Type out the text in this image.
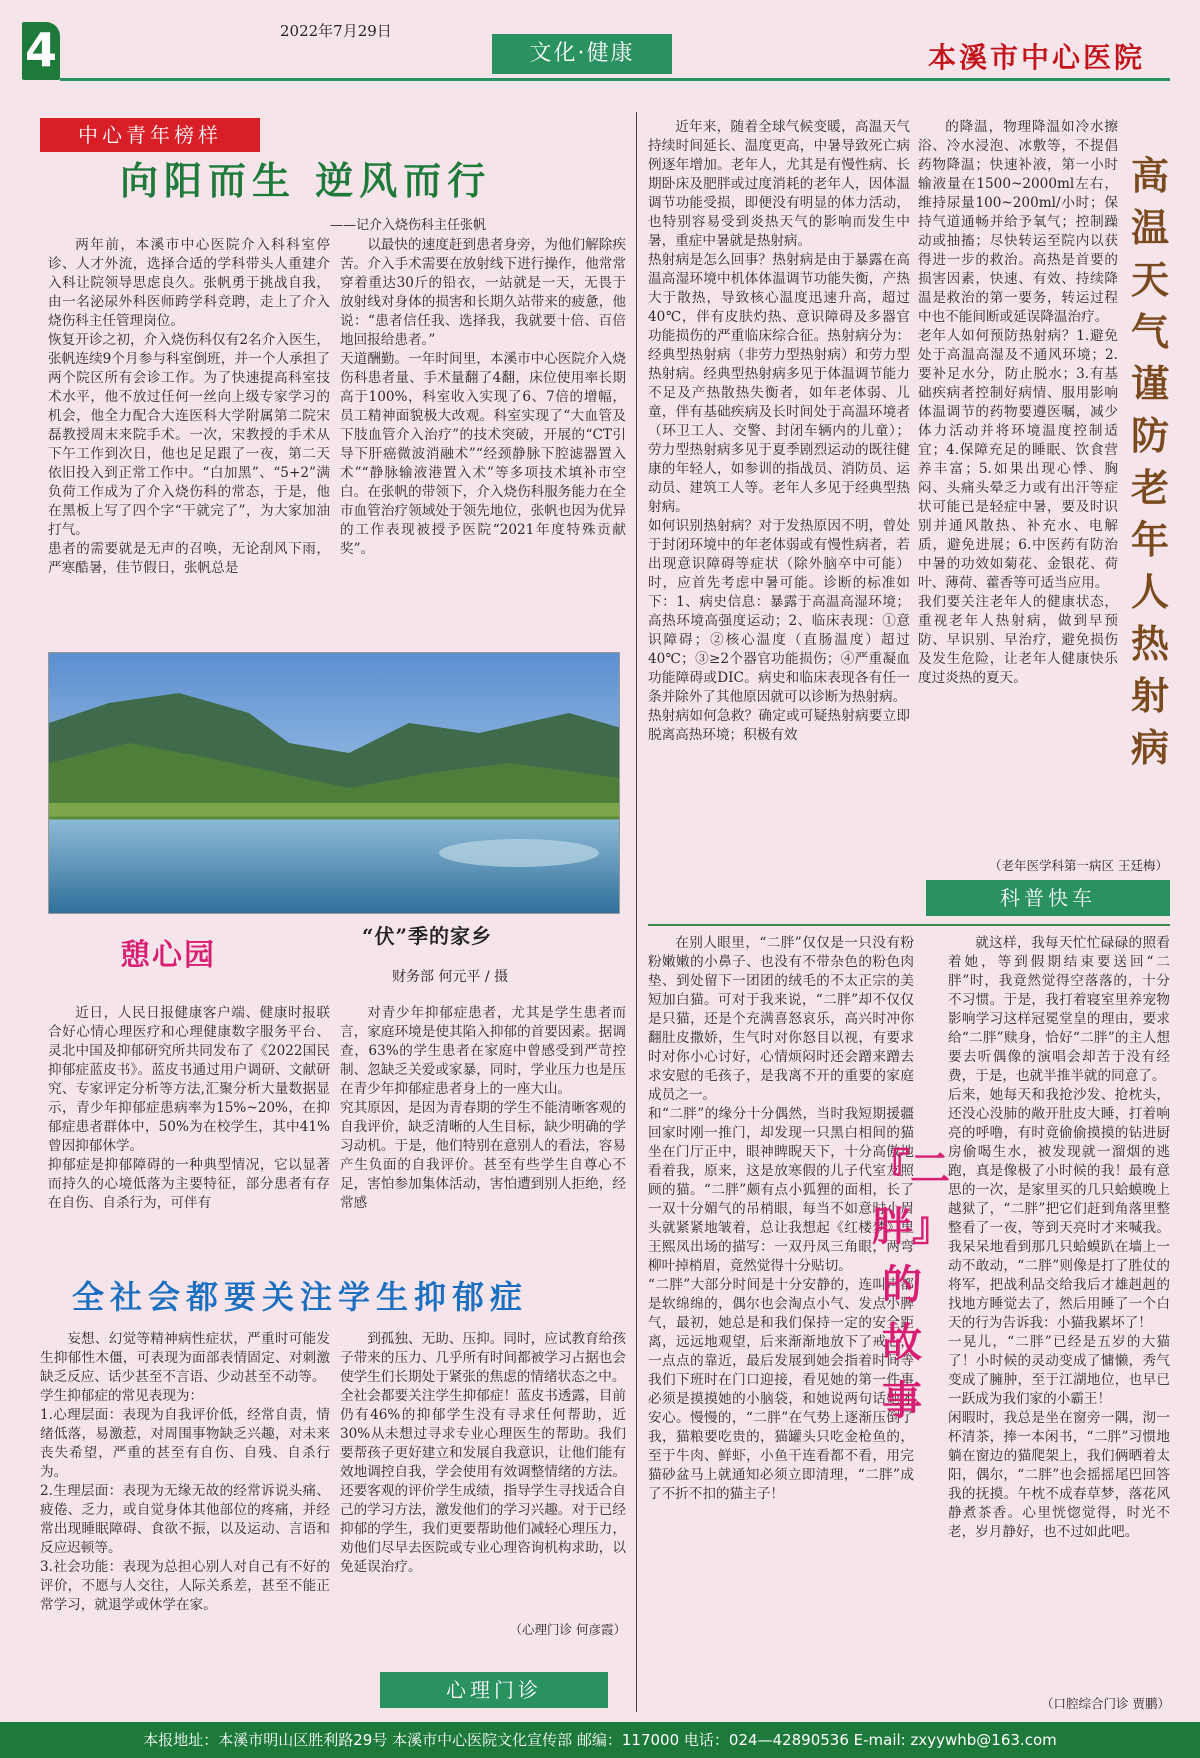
4	2022年7月29日
文化·健康	本溪市中心医院
中心青年榜样
向阳而生 逆风而行
——记介入烧伤科主任张帆
两年前，本溪市中心医院介入科科室停诊、人才外流，选择合适的学科带头人重建介入科让院领导思虑良久。张帆勇于挑战自我，由一名泌尿外科医师跨学科竞聘，走上了介入烧伤科主任管理岗位。
恢复开诊之初，介入烧伤科仅有2名介入医生，张帆连续9个月参与科室倒班，并一个人承担了两个院区所有会诊工作。为了快速提高科室技术水平，他不放过任何一丝向上级专家学习的机会，他全力配合大连医科大学附属第二院宋磊教授周末来院手术。一次，宋教授的手术从下午工作到次日，他也足足跟了一夜，第二天依旧投入到正常工作中。“白加黑”、“5+2”满负荷工作成为了介入烧伤科的常态，于是，他在黑板上写了四个字“干就完了”，为大家加油打气。
患者的需要就是无声的召唤，无论刮风下雨，严寒酷暑，佳节假日，张帆总是
以最快的速度赶到患者身旁，为他们解除疾苦。介入手术需要在放射线下进行操作，他常常穿着重达30斤的铅衣，一站就是一天，无畏于放射线对身体的损害和长期久站带来的疲惫，他说：“患者信任我、选择我，我就要十倍、百倍地回报给患者。”
天道酬勤。一年时间里，本溪市中心医院介入烧伤科患者量、手术量翻了4翻，床位使用率长期高于100%，科室收入实现了6、7倍的增幅，员工精神面貌极大改观。科室实现了“大血管及下肢血管介入治疗”的技术突破，开展的“CT引导下肝癌微波消融术”“经颈静脉下腔滤器置入术”“静脉输液港置入术”等多项技术填补市空白。在张帆的带领下，介入烧伤科服务能力在全市血管治疗领域处于领先地位，张帆也因为优异的工作表现被授予医院“2021年度特殊贡献奖”。
憩心园
“伏”季的家乡
财务部 何元平 / 摄
近日，人民日报健康客户端、健康时报联合好心情心理医疗和心理健康数字服务平台、灵北中国及抑郁研究所共同发布了《2022国民抑郁症蓝皮书》。蓝皮书通过用户调研、文献研究、专家评定分析等方法,汇聚分析大量数据显示，青少年抑郁症患病率为15%~20%，在抑郁症患者群体中，50%为在校学生，其中41%曾因抑郁休学。
抑郁症是抑郁障碍的一种典型情况，它以显著而持久的心境低落为主要特征，部分患者有存在自伤、自杀行为，可伴有
对青少年抑郁症患者，尤其是学生患者而言，家庭环境是使其陷入抑郁的首要因素。据调查，63%的学生患者在家庭中曾感受到严苛控制、忽缺乏关爱或家暴，同时，学业压力也是压在青少年抑郁症患者身上的一座大山。
究其原因，是因为青春期的学生不能清晰客观的自我评价，缺乏清晰的人生目标，缺少明确的学习动机。于是，他们特别在意别人的看法，容易产生负面的自我评价。甚至有些学生自尊心不足，害怕参加集体活动，害怕遭到别人拒绝，经常感
全社会都要关注学生抑郁症
妄想、幻觉等精神病性症状，严重时可能发生抑郁性木僵，可表现为面部表情固定、对刺激缺乏反应、话少甚至不言语、少动甚至不动等。
学生抑郁症的常见表现为：
1.心理层面：表现为自我评价低，经常自责，情绪低落，易激惹，对周围事物缺乏兴趣，对未来丧失希望，严重的甚至有自伤、自残、自杀行为。
2.生理层面：表现为无缘无故的经常诉说头痛、疲倦、乏力，或自觉身体其他部位的疼痛，并经常出现睡眠障碍、食欲不振，以及运动、言语和反应迟顿等。
3.社会功能：表现为总担心别人对自己有不好的评价，不愿与人交往，人际关系差，甚至不能正常学习，就退学或休学在家。
到孤独、无助、压抑。同时，应试教育给孩子带来的压力、几乎所有时间都被学习占据也会使学生们长期处于紧张的焦虑的情绪状态之中。
全社会都要关注学生抑郁症！蓝皮书透露，目前仍有46%的抑郁学生没有寻求任何帮助，近30%从未想过寻求专业心理医生的帮助。我们要帮孩子更好建立和发展自我意识，让他们能有效地调控自我，学会使用有效调整情绪的方法。还要客观的评价学生成绩，指导学生寻找适合自己的学习方法，激发他们的学习兴趣。对于已经抑郁的学生，我们更要帮助他们减轻心理压力，劝他们尽早去医院或专业心理咨询机构求助，以免延误治疗。
（心理门诊 何彦霞）
心理门诊
近年来，随着全球气候变暖，高温天气持续时间延长、温度更高，中暑导致死亡病例逐年增加。老年人，尤其是有慢性病、长期卧床及肥胖或过度消耗的老年人，因体温调节功能受损，即便没有明显的体力活动，也特别容易受到炎热天气的影响而发生中暑，重症中暑就是热射病。
热射病是怎么回事？热射病是由于暴露在高温高湿环境中机体体温调节功能失衡，产热大于散热，导致核心温度迅速升高，超过40℃，伴有皮肤灼热、意识障碍及多器官功能损伤的严重临床综合征。热射病分为：经典型热射病（非劳力型热射病）和劳力型热射病。经典型热射病多见于体温调节能力不足及产热散热失衡者，如年老体弱、儿童，伴有基础疾病及长时间处于高温环境者（环卫工人、交警、封闭车辆内的儿童）；劳力型热射病多见于夏季剧烈运动的既往健康的年轻人，如参训的指战员、消防员、运动员、建筑工人等。老年人多见于经典型热射病。
如何识别热射病？对于发热原因不明，曾处于封闭环境中的年老体弱或有慢性病者，若出现意识障碍等症状（除外脑卒中可能）时，应首先考虑中暑可能。诊断的标准如下：1、病史信息：暴露于高温高湿环境；高热环境高强度运动；2、临床表现：①意识障碍；②核心温度（直肠温度）超过40℃；③≥2个器官功能损伤；④严重凝血功能障碍或DIC。病史和临床表现各有任一条并除外了其他原因就可以诊断为热射病。
热射病如何急救？确定或可疑热射病要立即脱离高热环境；积极有效
的降温，物理降温如冷水擦浴、冷水浸泡、冰敷等，不提倡药物降温；快速补液，第一小时输液量在1500~2000ml左右，维持尿量100~200ml/小时；保持气道通畅并给予氧气；控制躁动或抽搐；尽快转运至院内以获得进一步的救治。高热是首要的损害因素，快速、有效、持续降温是救治的第一要务，转运过程中也不能间断或延误降温治疗。
老年人如何预防热射病？1.避免处于高温高湿及不通风环境；2.要补足水分，防止脱水；3.有基础疾病者控制好病情、服用影响体温调节的药物要遵医嘱，减少体力活动并将环境温度控制适宜；4.保障充足的睡眠、饮食营养丰富；5.如果出现心悸、胸闷、头痛头晕乏力或有出汗等症状可能已是轻症中暑，要及时识别并通风散热、补充水、电解质，避免进展；6.中医药有防治中暑的功效如菊花、金银花、荷叶、薄荷、藿香等可适当应用。
我们要关注老年人的健康状态，重视老年人热射病，做到早预防、早识别、早治疗，避免损伤及发生危险，让老年人健康快乐度过炎热的夏天。
高温天气谨防老年人热射病
（老年医学科第一病区 王廷梅）
科普快车
在别人眼里，“二胖”仅仅是一只没有粉粉嫩嫩的小鼻子、也没有不带杂色的粉色肉垫、到处留下一团团的绒毛的不太正宗的美短加白猫。可对于我来说，“二胖”却不仅仅是只猫，还是个充满喜怒哀乐，高兴时冲你翻肚皮撒娇，生气时对你怒目以视，有要求时对你小心讨好，心情烦闷时还会蹭来蹭去求安慰的毛孩子，是我离不开的重要的家庭成员之一。
和“二胖”的缘分十分偶然，当时我短期援疆回家时刚一推门，却发现一只黑白相间的猫坐在门厅正中，眼神睥睨天下，十分高傲地看着我，原来，这是放寒假的儿子代室友照顾的猫。“二胖”颇有点小狐狸的面相，长了一双十分媚气的吊梢眼，每当不如意时小眉头就紧紧地皱着，总让我想起《红楼梦》里王熙凤出场的描写：一双丹凤三角眼，两弯柳叶掉梢眉，竟然觉得十分贴切。
“二胖”大部分时间是十分安静的，连叫声都是软绵绵的，偶尔也会淘点小气、发点小脾气，最初，她总是和我们保持一定的安全距离，远远地观望，后来渐渐地放下了戒心，一点点的靠近，最后发展到她会指着时间等我们下班时在门口迎接，看见她的第一件事必须是摸摸她的小脑袋，和她说两句话她才安心。慢慢的，“二胖”在气势上逐渐压倒了我，猫粮要吃贵的，猫罐头只吃金枪鱼的，至于牛肉、鲜虾，小鱼干连看都不看，用完猫砂盆马上就通知必须立即清理，“二胖”成了不折不扣的猫主子！
『二胖』的故事
就这样，我每天忙忙碌碌的照看着她，等到假期结束要送回“二胖”时，我竟然觉得空落落的，十分不习惯。于是，我打着寝室里养宠物影响学习这样冠冕堂皇的理由，要求给“二胖”赎身，恰好“二胖”的主人想要去听偶像的演唱会却苦于没有经费，于是，也就半推半就的同意了。
后来，她每天和我抢沙发、抢枕头，还没心没肺的敞开肚皮大睡，打着响亮的呼噜，有时竟偷偷摸摸的钻进厨房偷喝生水，被发现就一溜烟的逃跑，真是像极了小时候的我！最有意思的一次，是家里买的几只蛤蟆晚上越狱了，“二胖”把它们赶到角落里整整看了一夜，等到天亮时才来喊我。我呆呆地看到那几只蛤蟆趴在墙上一动不敢动，“二胖”则像是打了胜仗的将军，把战利品交给我后才雄赳赳的找地方睡觉去了，然后用睡了一个白天的行为告诉我：小猫我累坏了！
一晃儿，“二胖”已经是五岁的大猫了！小时候的灵动变成了慵懒，秀气变成了臃肿，至于江湖地位，也早已一跃成为我们家的小霸王！
闲暇时，我总是坐在窗旁一隅，沏一杯清茶，捧一本闲书，“二胖”习惯地躺在窗边的猫爬架上，我们俩晒着太阳，偶尔，“二胖”也会摇摇尾巴回答我的抚摸。午枕不成春草梦，落花风静煮茶香。心里恍惚觉得，时光不老，岁月静好，也不过如此吧。
（口腔综合门诊 贾鹏）
本报地址：本溪市明山区胜利路29号 本溪市中心医院文化宣传部 邮编：117000 电话：024—42890536 E-mail: zxyywhb@163.com
